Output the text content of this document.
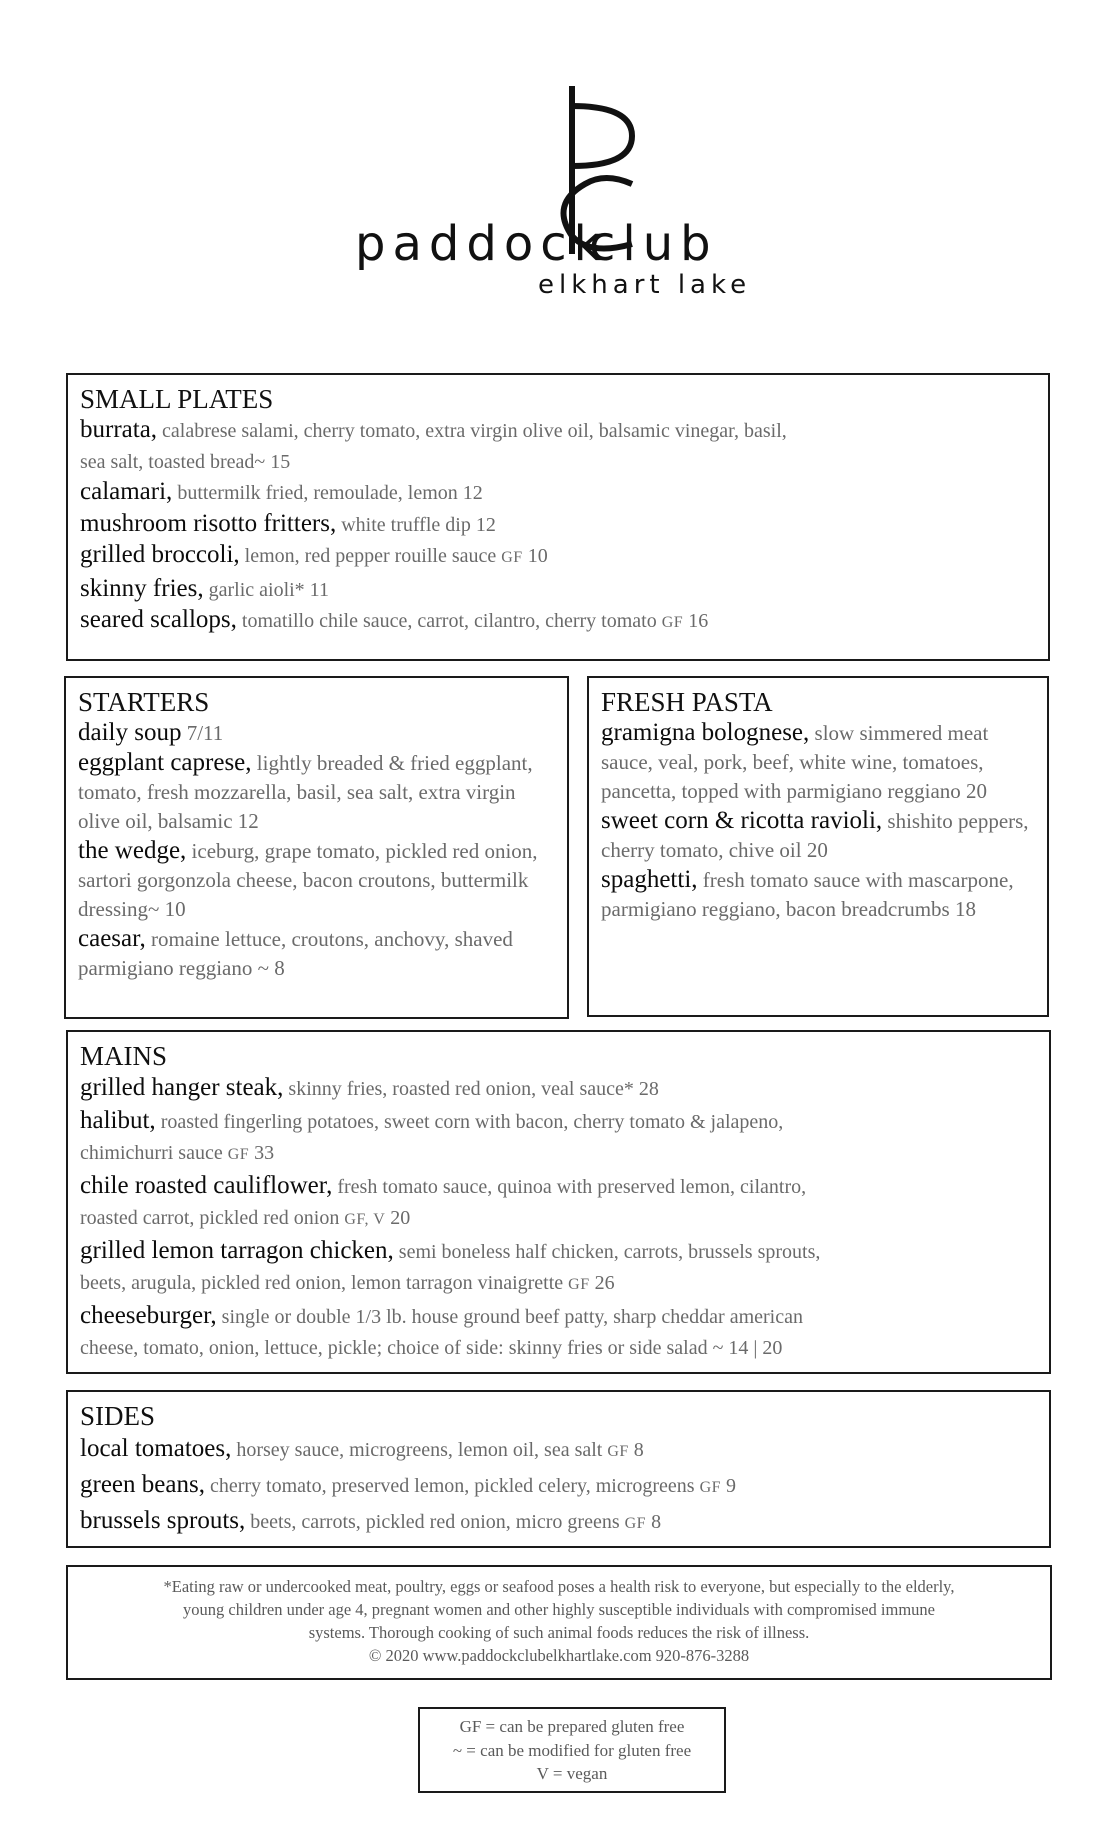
paddock
club
elkhart lake

SMALL PLATES

burrata, calabrese salami, cherry tomato, extra virgin olive oil, balsamic vinegar, basil,
sea salt, toasted bread~ 15

calamari, buttermilk fried, remoulade, lemon 12

mushroom risotto fritters, white truffle dip 12

grilled broccoli, lemon, red pepper rouille sauce GF 10

skinny fries, garlic aioli* 11

seared scallops, tomatillo chile sauce, carrot, cilantro, cherry tomato GF 16

STARTERS

daily soup 7/11

eggplant caprese, lightly breaded & fried eggplant, tomato, fresh mozzarella, basil, sea salt, extra virgin olive oil, balsamic 12

the wedge, iceburg, grape tomato, pickled red onion, sartori gorgonzola cheese, bacon croutons, buttermilk dressing~ 10

caesar, romaine lettuce, croutons, anchovy, shaved parmigiano reggiano ~ 8

FRESH PASTA

gramigna bolognese, slow simmered meat sauce, veal, pork, beef, white wine, tomatoes, pancetta, topped with parmigiano reggiano 20

sweet corn & ricotta ravioli, shishito peppers, cherry tomato, chive oil 20

spaghetti, fresh tomato sauce with mascarpone, parmigiano reggiano, bacon breadcrumbs 18

MAINS

grilled hanger steak, skinny fries, roasted red onion, veal sauce* 28

halibut, roasted fingerling potatoes, sweet corn with bacon, cherry tomato & jalapeno,
chimichurri sauce GF 33

chile roasted cauliflower, fresh tomato sauce, quinoa with preserved lemon, cilantro,
roasted carrot, pickled red onion GF, V 20

grilled lemon tarragon chicken, semi boneless half chicken, carrots, brussels sprouts,
beets, arugula, pickled red onion, lemon tarragon vinaigrette GF 26

cheeseburger, single or double 1/3 lb. house ground beef patty, sharp cheddar american
cheese, tomato, onion, lettuce, pickle; choice of side: skinny fries or side salad ~ 14 | 20

SIDES

local tomatoes, horsey sauce, microgreens, lemon oil, sea salt GF 8

green beans, cherry tomato, preserved lemon, pickled celery, microgreens GF 9

brussels sprouts, beets, carrots, pickled red onion, micro greens GF 8

*Eating raw or undercooked meat, poultry, eggs or seafood poses a health risk to everyone, but especially to the elderly,

young children under age 4, pregnant women and other highly susceptible individuals with compromised immune

systems. Thorough cooking of such animal foods reduces the risk of illness.

© 2020 www.paddockclubelkhartlake.com 920-876-3288

GF = can be prepared gluten free

~ = can be modified for gluten free

V = vegan
